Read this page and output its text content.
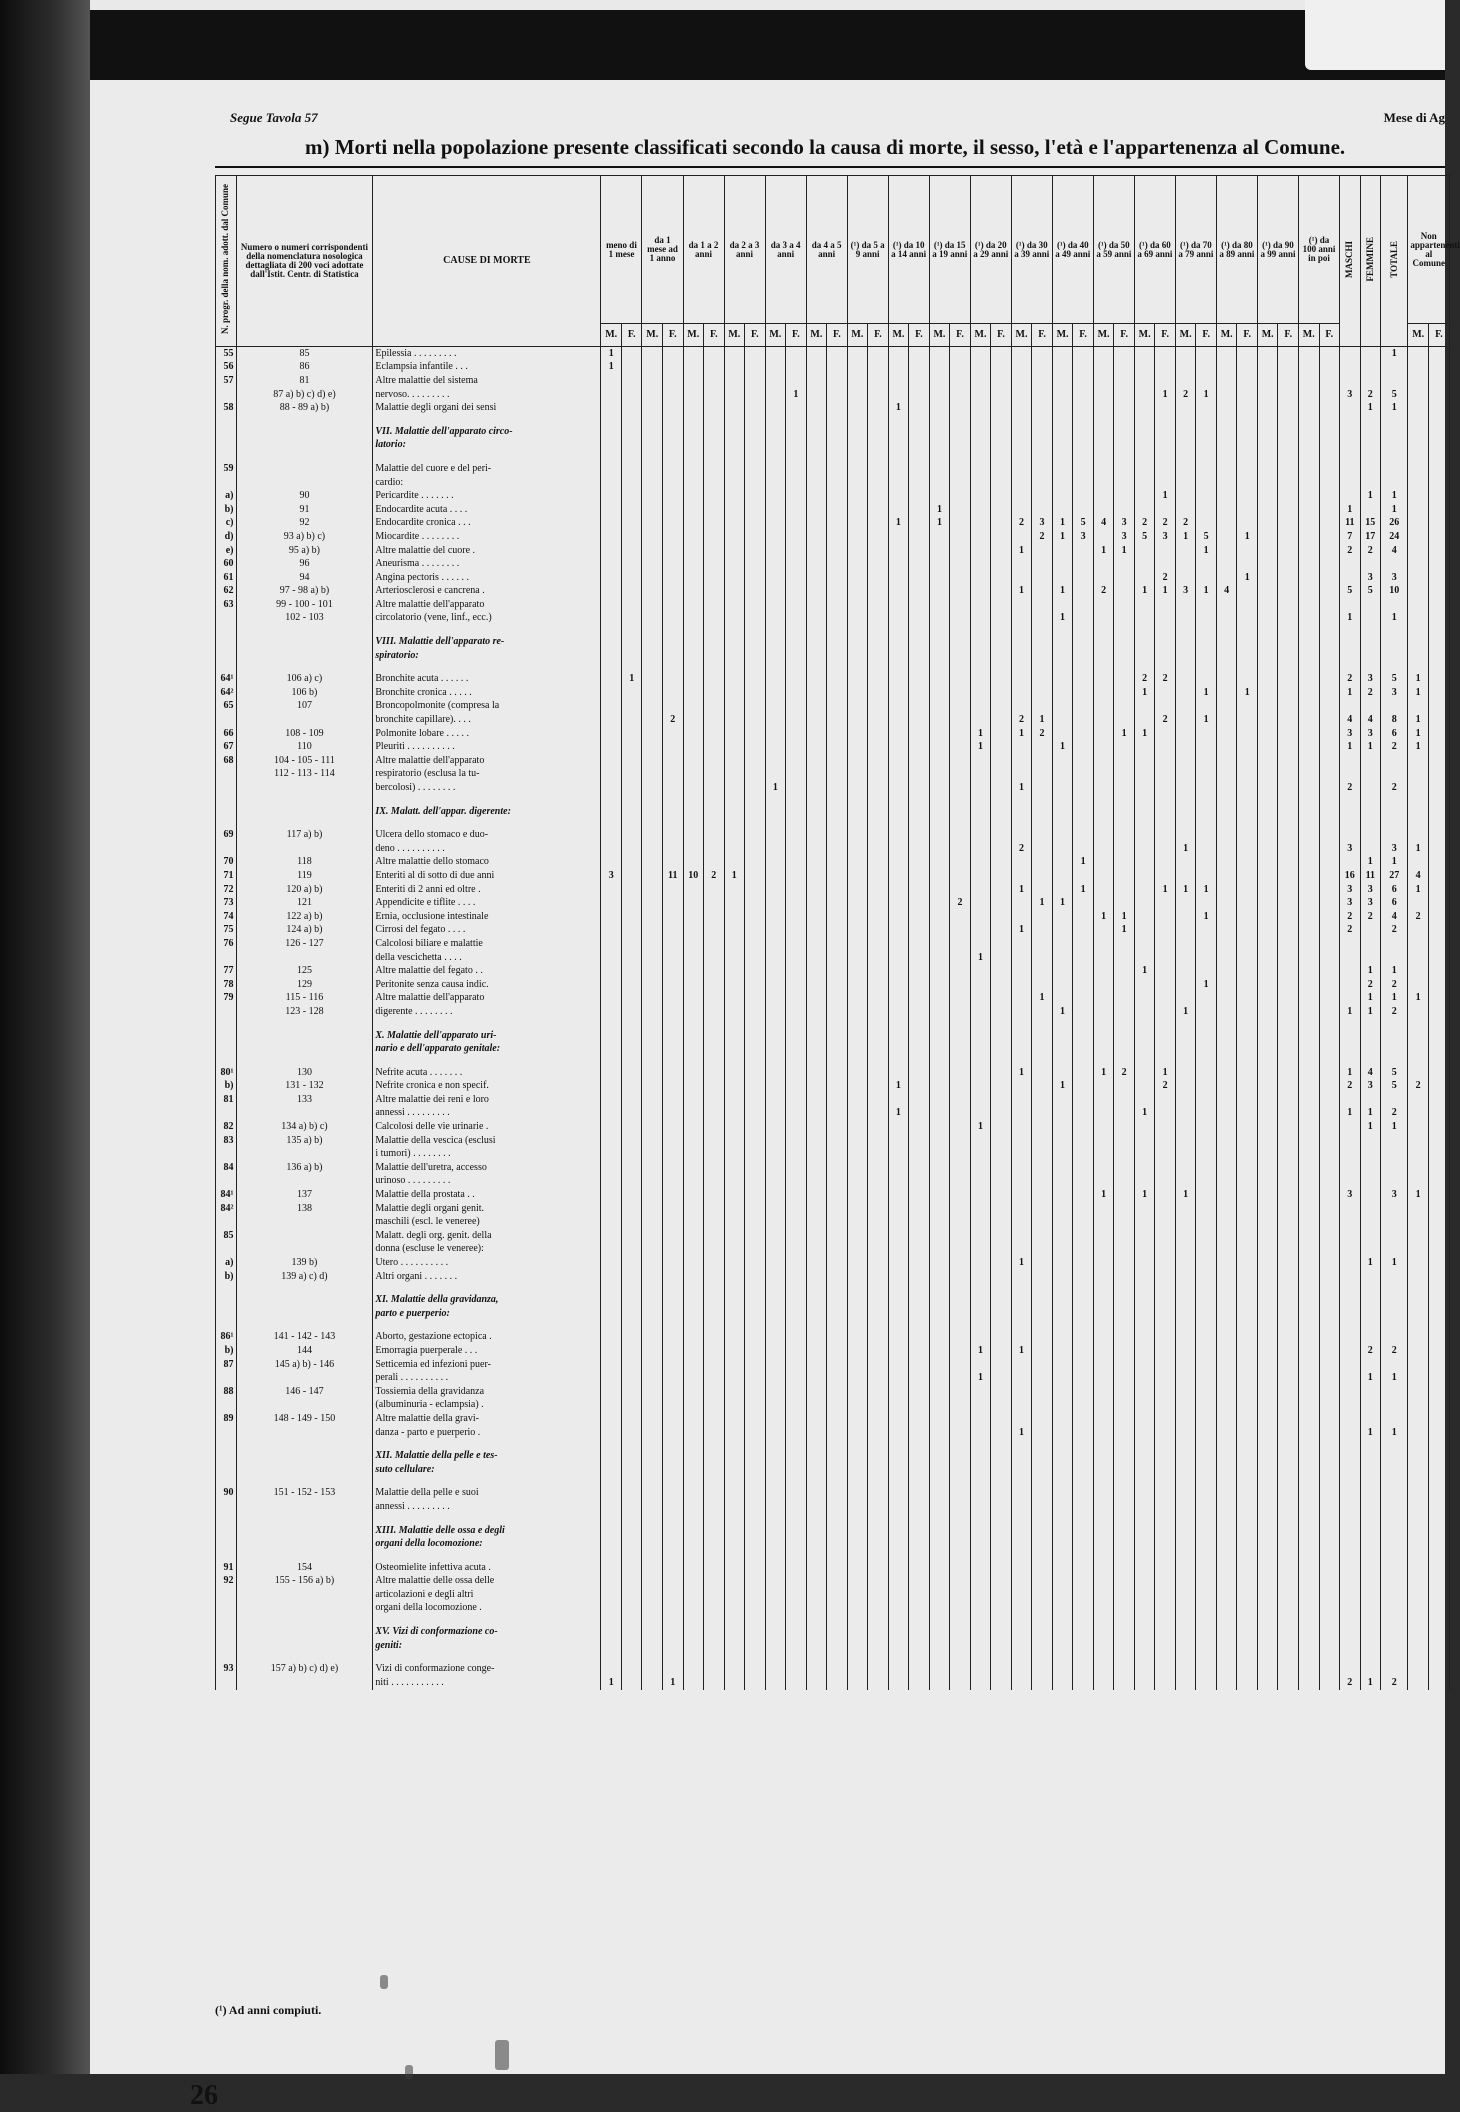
Segue Tavola 57	Mese di Ag
m) Morti nella popolazione presente classificati secondo la causa di morte, il sesso, l'età e l'appartenenza al Comune.
N. progr. della nom. adott. dal Comune	Numero o numeri corrispondenti della nomenclatura nosologica dettagliata di 200 voci adottate dall'Istit. Centr. di Statistica	CAUSE DI MORTE	meno di 1 mese		da 1 mese ad 1 anno		da 1 a 2 anni		da 2 a 3 anni		da 3 a 4 anni		da 4 a 5 anni		(¹) da 5 a 9 anni		(¹) da 10 a 14 anni		(¹) da 15 a 19 anni		(¹) da 20 a 29 anni		(¹) da 30 a 39 anni		(¹) da 40 a 49 anni		(¹) da 50 a 59 anni		(¹) da 60 a 69 anni		(¹) da 70 a 79 anni		(¹) da 80 a 89 anni		(¹) da 90 a 99 anni		(¹) da 100 anni in poi		MASCHI	FEMMINE	TOTALE	Non appartenenti al Comune	
			M.	F.	M.	F.	M.	F.	M.	F.	M.	F.	M.	F.	M.	F.	M.	F.	M.	F.	M.	F.	M.	F.	M.	F.	M.	F.	M.	F.	M.	F.	M.	F.	M.	F.	M.	F.				M.	F.
55	85	Epilessia . . . . . . . . .	1																																						1		
56	86	Eclampsia infantile . . .	1																																								
57	81	Altre malattie del sistema																																									
	87 a) b) c) d) e)	nervoso. . . . . . . . .										1																		1	2	1							3	2	5		
58	88 - 89 a) b)	Malattie degli organi dei sensi															1																							1	1		

		VII. Malattie dell'apparato circo-																																									
		latorio:																																									

59		Malattie del cuore e del peri-																																									
		cardio:																																									
a)	90	Pericardite . . . . . . .																												1										1	1		
b)	91	Endocardite acuta . . . .																	1																				1		1		
c)	92	Endocardite cronica . . .															1		1				2	3	1	5	4	3	2	2	2								11	15	26		
d)	93 a) b) c)	Miocardite . . . . . . . .																						2	1	3		3	5	3	1	5		1					7	17	24		
e)	95 a) b)	Altre malattie del cuore .																					1				1	1				1							2	2	4		
60	96	Aneurisma . . . . . . . .																																									
61	94	Angina pectoris . . . . . .																												2				1						3	3		
62	97 - 98 a) b)	Arteriosclerosi e cancrena .																					1		1		2		1	1	3	1	4						5	5	10		
63	99 - 100 - 101	Altre malattie dell'apparato																																									
	102 - 103	circolatorio (vene, linf., ecc.)																							1														1		1		

		VIII. Malattie dell'apparato re-																																									
		spiratorio:																																									

64¹	106 a) c)	Bronchite acuta . . . . . .		1																									2	2									2	3	5	1	
64²	106 b)	Bronchite cronica . . . . .																											1			1		1					1	2	3	1	
65	107	Broncopolmonite (compresa la																																									
		bronchite capillare). . . .				2																	2	1						2		1							4	4	8	1	
66	108 - 109	Polmonite lobare . . . . .																			1		1	2				1	1										3	3	6	1	
67	110	Pleuriti . . . . . . . . . .																			1				1														1	1	2	1	
68	104 - 105 - 111	Altre malattie dell'apparato																																									
	112 - 113 - 114	respiratorio (esclusa la tu-																																									
		bercolosi) . . . . . . . .									1												1																2		2		

		IX. Malatt. dell'appar. digerente:																																									

69	117 a) b)	Ulcera dello stomaco e duo-																																									
		deno . . . . . . . . . .																					2								1								3		3	1	
70	118	Altre malattie dello stomaco																								1														1	1		
71	119	Enteriti al di sotto di due anni	3			11	10	2	1																														16	11	27	4	
72	120 a) b)	Enteriti di 2 anni ed oltre .																					1			1				1	1	1							3	3	6	1	
73	121	Appendicite e tiflite . . . .																		2				1	1														3	3	6		
74	122 a) b)	Ernia, occlusione intestinale																									1	1				1							2	2	4	2	
75	124 a) b)	Cirrosi del fegato . . . .																					1					1											2		2		
76	126 - 127	Calcolosi biliare e malattie																																									
		della vescichetta . . . .																			1																						
77	125	Altre malattie del fegato . .																											1											1	1		
78	129	Peritonite senza causa indic.																														1								2	2		
79	115 - 116	Altre malattie dell'apparato																						1																1	1	1	
	123 - 128	digerente . . . . . . . .																							1						1								1	1	2		

		X. Malattie dell'apparato uri-																																									
		nario e dell'apparato genitale:																																									

80¹	130	Nefrite acuta . . . . . . .																					1				1	2		1									1	4	5		
b)	131 - 132	Nefrite cronica e non specif.															1								1					2									2	3	5	2	
81	133	Altre malattie dei reni e loro																																									
		annessi . . . . . . . . .															1												1										1	1	2		
82	134 a) b) c)	Calcolosi delle vie urinarie .																			1																			1	1		
83	135 a) b)	Malattie della vescica (esclusi																																									
		i tumori) . . . . . . . .																																									
84	136 a) b)	Malattie dell'uretra, accesso																																									
		urinoso . . . . . . . . .																																									
84¹	137	Malattie della prostata . .																									1		1		1								3		3	1	
84²	138	Malattie degli organi genit.																																									
		maschili (escl. le veneree)																																									
85		Malatt. degli org. genit. della																																									
		donna (escluse le veneree):																																									
a)	139 b)	Utero . . . . . . . . . .																					1																	1	1		
b)	139 a) c) d)	Altri organi . . . . . . .																																									

		XI. Malattie della gravidanza,																																									
		parto e puerperio:																																									

86¹	141 - 142 - 143	Aborto, gestazione ectopica .																																									
b)	144	Emorragia puerperale . . .																			1		1																	2	2		
87	145 a) b) - 146	Setticemia ed infezioni puer-																																									
		perali . . . . . . . . . .																			1																			1	1		
88	146 - 147	Tossiemia della gravidanza																																									
		(albuminuria - eclampsia) .																																									
89	148 - 149 - 150	Altre malattie della gravi-																																									
		danza - parto e puerperio .																					1																	1	1		

		XII. Malattie della pelle e tes-																																									
		suto cellulare:																																									

90	151 - 152 - 153	Malattie della pelle e suoi																																									
		annessi . . . . . . . . .																																									

		XIII. Malattie delle ossa e degli																																									
		organi della locomozione:																																									

91	154	Osteomielite infettiva acuta .																																									
92	155 - 156 a) b)	Altre malattie delle ossa delle																																									
		articolazioni e degli altri																																									
		organi della locomozione .																																									

		XV. Vizi di conformazione co-																																									
		geniti:																																									

93	157 a) b) c) d) e)	Vizi di conformazione conge-																																									
		niti . . . . . . . . . . .	1			1																																	2	1	2		
(¹) Ad anni compiuti.
26
